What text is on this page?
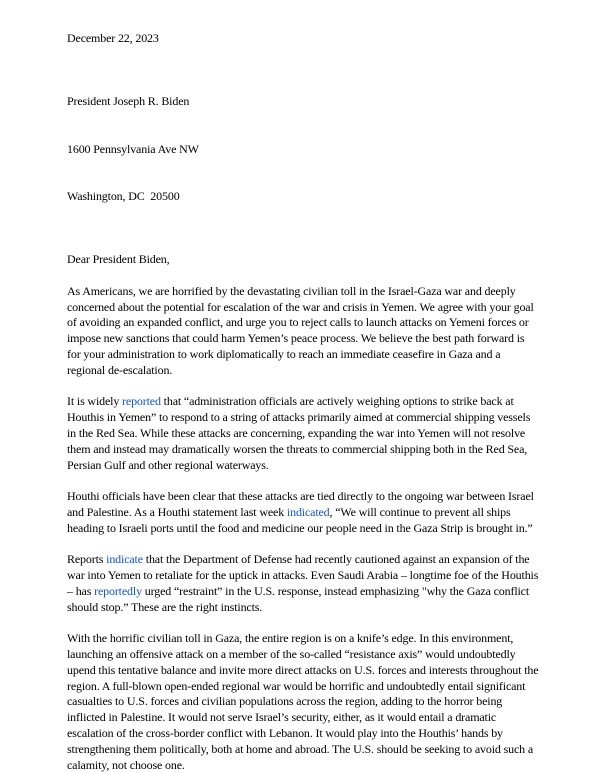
December 22, 2023

President Joseph R. Biden

1600 Pennsylvania Ave NW

Washington, DC  20500

Dear President Biden,

As Americans, we are horrified by the devastating civilian toll in the Israel-Gaza war and deeply concerned about the potential for escalation of the war and crisis in Yemen. We agree with your goal of avoiding an expanded conflict, and urge you to reject calls to launch attacks on Yemeni forces or impose new sanctions that could harm Yemen’s peace process. We believe the best path forward is for your administration to work diplomatically to reach an immediate ceasefire in Gaza and a regional de-escalation.

It is widely reported that “administration officials are actively weighing options to strike back at Houthis in Yemen” to respond to a string of attacks primarily aimed at commercial shipping vessels in the Red Sea. While these attacks are concerning, expanding the war into Yemen will not resolve them and instead may dramatically worsen the threats to commercial shipping both in the Red Sea, Persian Gulf and other regional waterways.

Houthi officials have been clear that these attacks are tied directly to the ongoing war between Israel and Palestine. As a Houthi statement last week indicated, “We will continue to prevent all ships heading to Israeli ports until the food and medicine our people need in the Gaza Strip is brought in.”

Reports indicate that the Department of Defense had recently cautioned against an expansion of the war into Yemen to retaliate for the uptick in attacks. Even Saudi Arabia – longtime foe of the Houthis – has reportedly urged “restraint” in the U.S. response, instead emphasizing "why the Gaza conflict should stop.” These are the right instincts.

With the horrific civilian toll in Gaza, the entire region is on a knife’s edge. In this environment, launching an offensive attack on a member of the so-called “resistance axis” would undoubtedly upend this tentative balance and invite more direct attacks on U.S. forces and interests throughout the region. A full-blown open-ended regional war would be horrific and undoubtedly entail significant casualties to U.S. forces and civilian populations across the region, adding to the horror being inflicted in Palestine. It would not serve Israel’s security, either, as it would entail a dramatic escalation of the cross-border conflict with Lebanon. It would play into the Houthis’ hands by strengthening them politically, both at home and abroad. The U.S. should be seeking to avoid such a calamity, not choose one.
